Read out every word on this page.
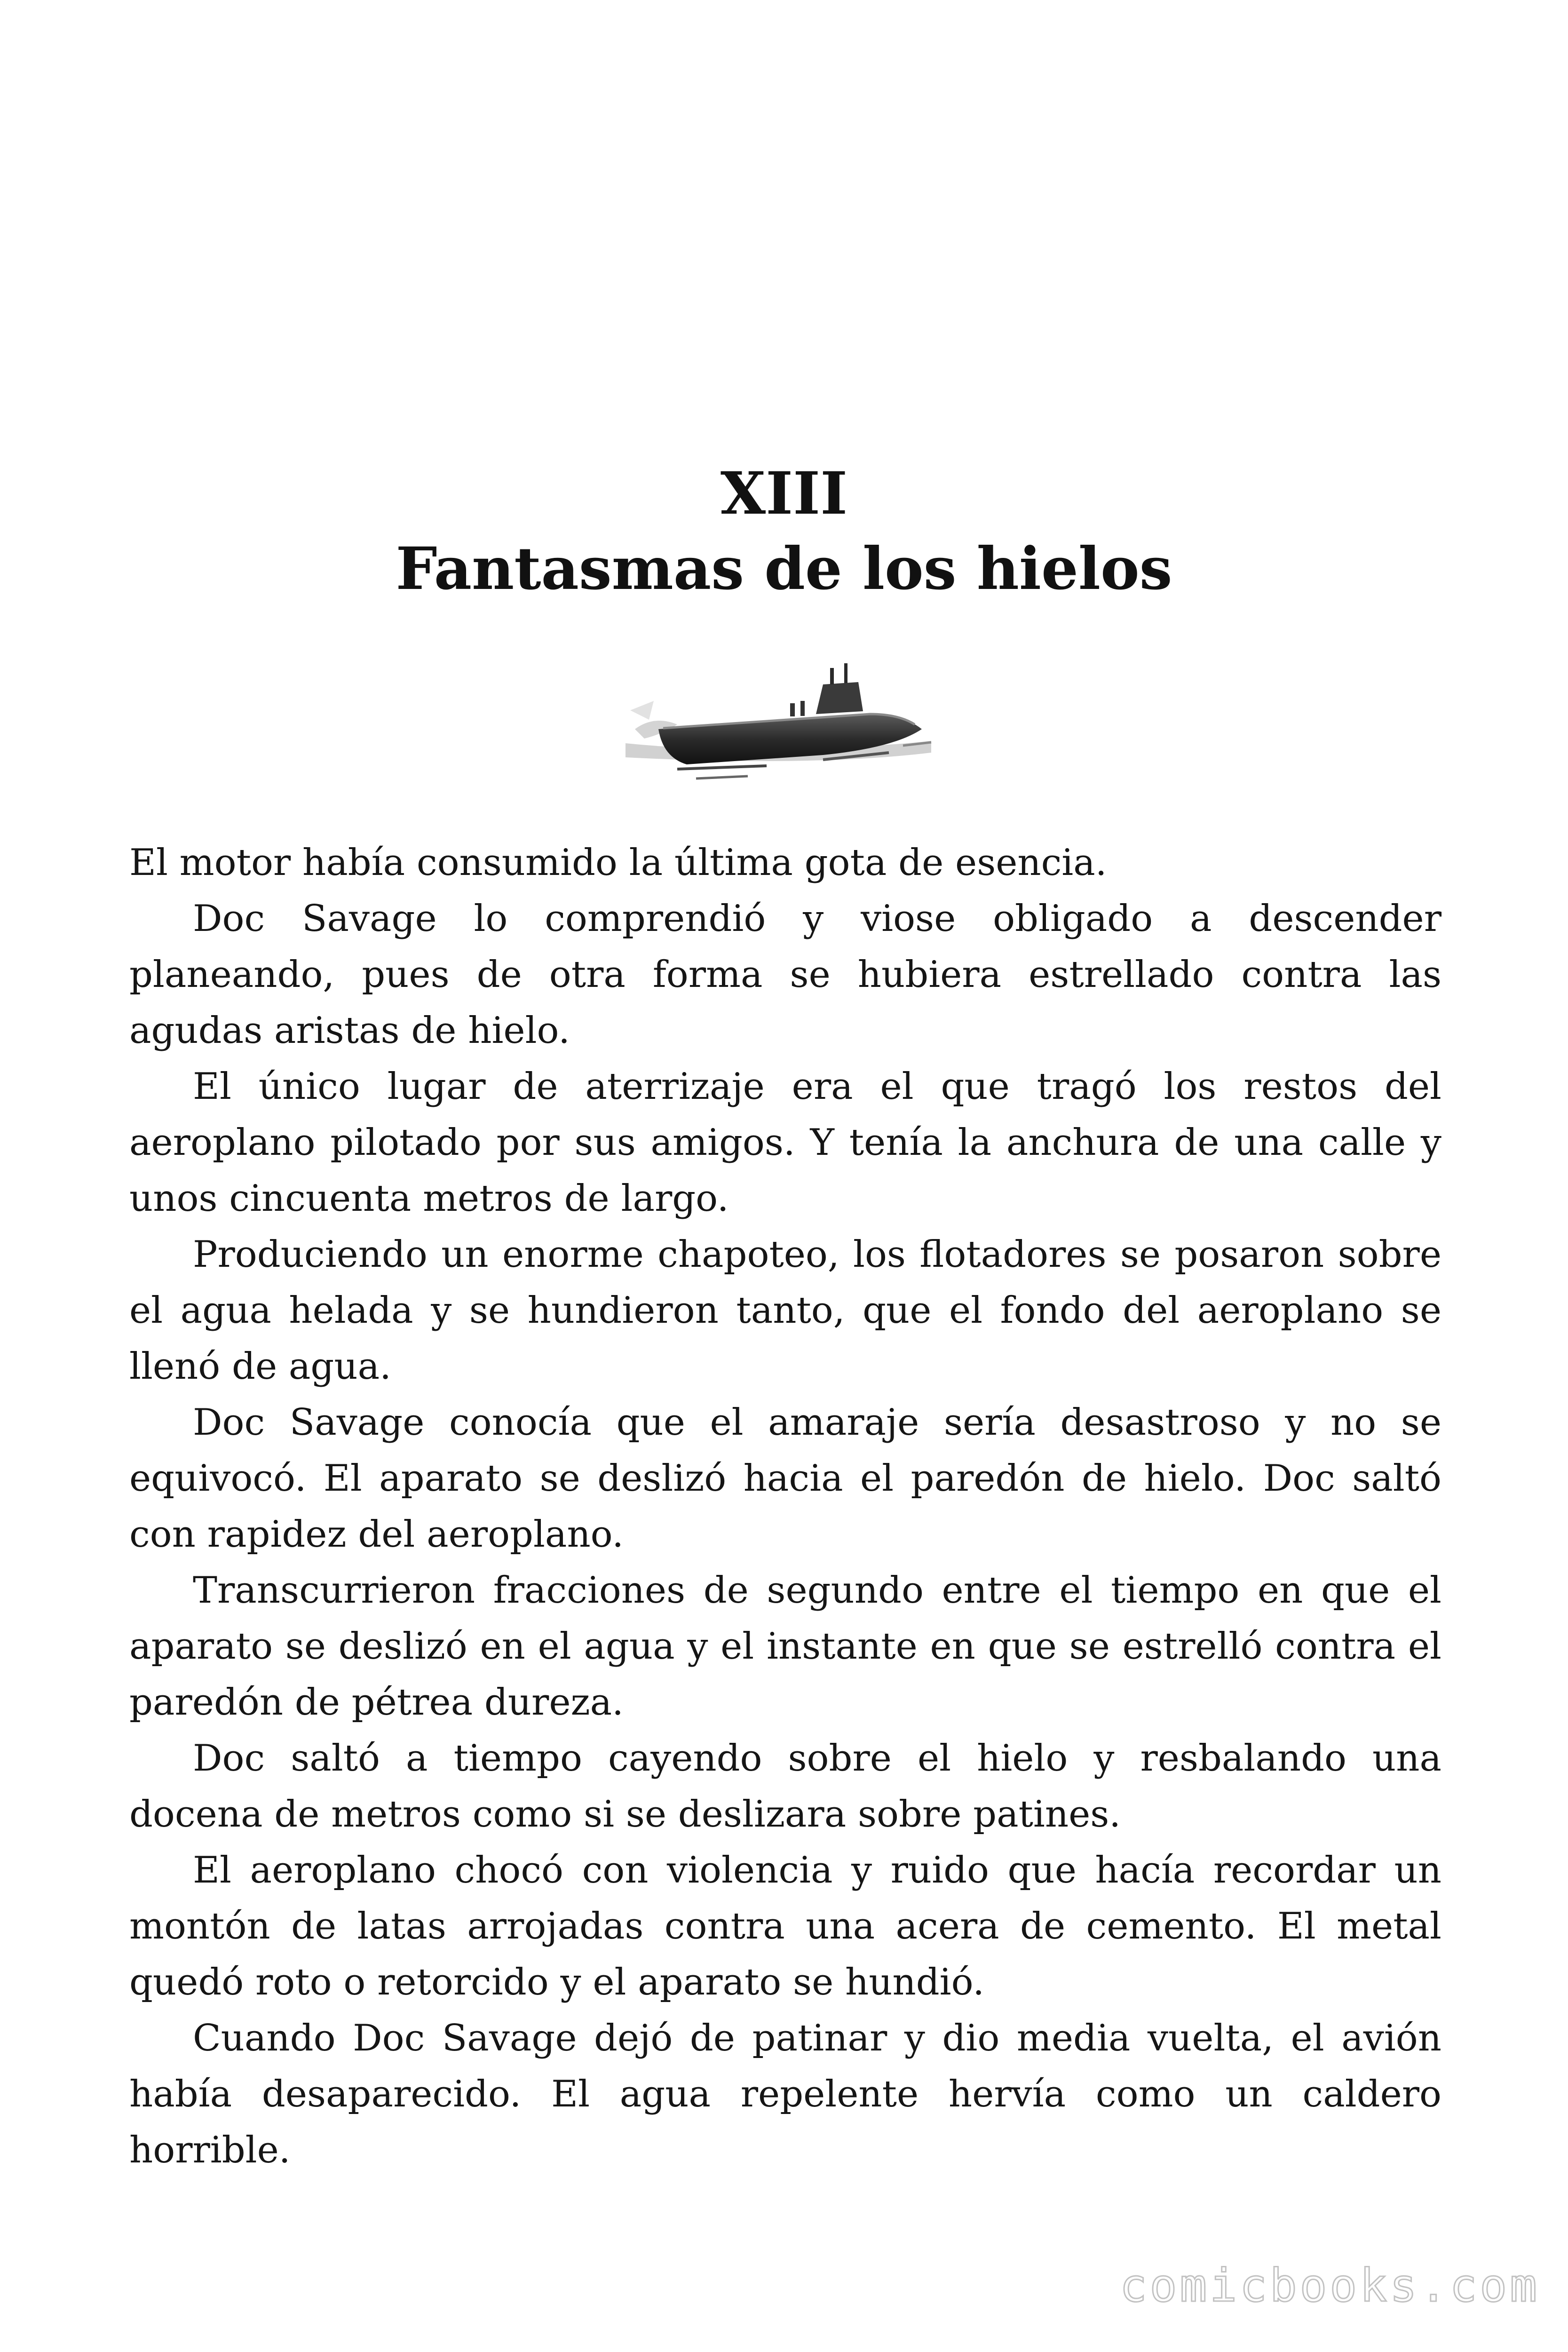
XIII
Fantasmas de los hielos

El motor había consumido la última gota de esencia.

Doc Savage lo comprendió y viose obligado a descender planeando, pues de otra forma se hubiera estrellado contra las agudas aristas de hielo.

El único lugar de aterrizaje era el que tragó los restos del aeroplano pilotado por sus amigos. Y tenía la anchura de una calle y unos cincuenta metros de largo.

Produciendo un enorme chapoteo, los flotadores se posaron sobre el agua helada y se hundieron tanto, que el fondo del aeroplano se llenó de agua.

Doc Savage conocía que el amaraje sería desastroso y no se equivocó. El aparato se deslizó hacia el paredón de hielo. Doc saltó con rapidez del aeroplano.

Transcurrieron fracciones de segundo entre el tiempo en que el aparato se deslizó en el agua y el instante en que se estrelló contra el paredón de pétrea dureza.

Doc saltó a tiempo cayendo sobre el hielo y resbalando una docena de metros como si se deslizara sobre patines.

El aeroplano chocó con violencia y ruido que hacía recordar un montón de latas arrojadas contra una acera de cemento. El metal quedó roto o retorcido y el aparato se hundió.

Cuando Doc Savage dejó de patinar y dio media vuelta, el avión había desaparecido. El agua repelente hervía como un caldero horrible.

comicbooks.com
